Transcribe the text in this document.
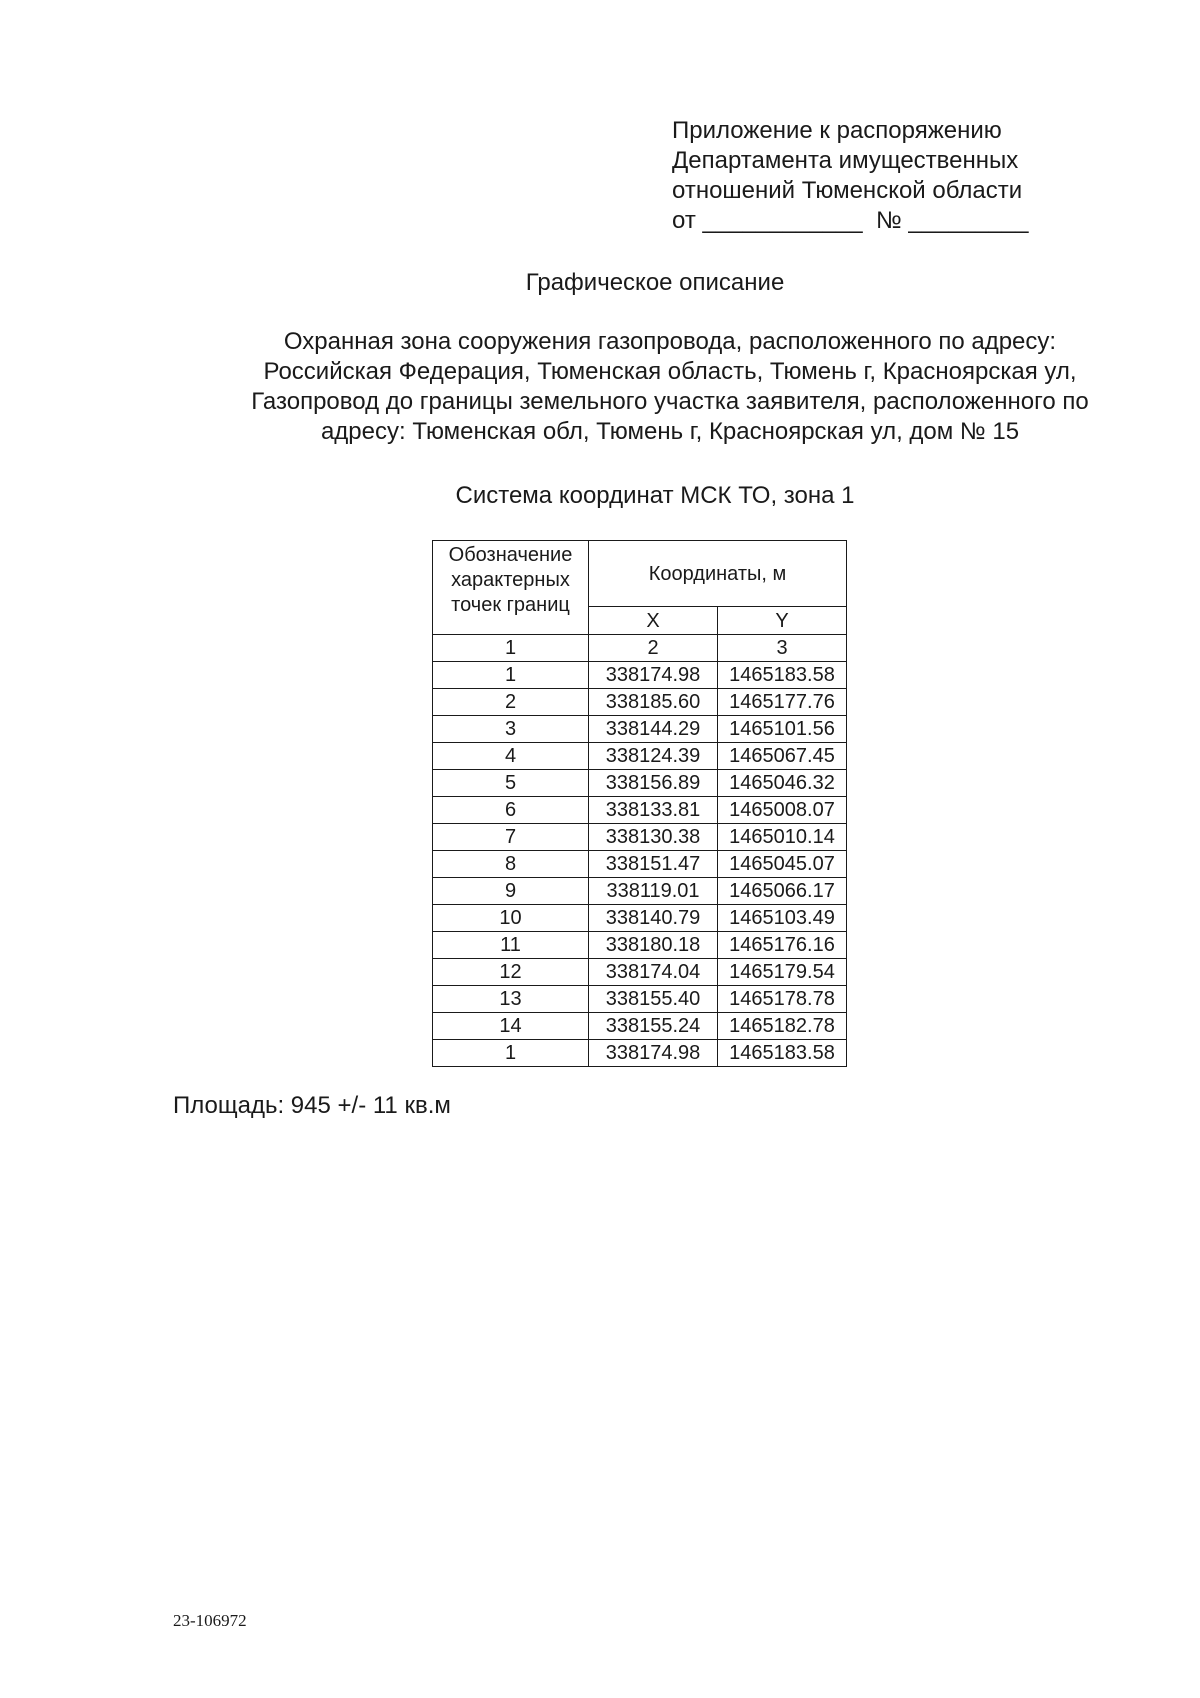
Приложение к распоряжению
Департамента имущественных
отношений Тюменской области
от ____________  № _________
Графическое описание
Охранная зона сооружения газопровода, расположенного по адресу:
Российская Федерация, Тюменская область, Тюмень г, Красноярская ул,
Газопровод до границы земельного участка заявителя, расположенного по
адресу: Тюменская обл, Тюмень г, Красноярская ул, дом № 15
Система координат МСК ТО, зона 1
Обозначение характерных точек границ	Координаты, м	
	X	Y
1	2	3
1	338174.98	1465183.58
2	338185.60	1465177.76
3	338144.29	1465101.56
4	338124.39	1465067.45
5	338156.89	1465046.32
6	338133.81	1465008.07
7	338130.38	1465010.14
8	338151.47	1465045.07
9	338119.01	1465066.17
10	338140.79	1465103.49
11	338180.18	1465176.16
12	338174.04	1465179.54
13	338155.40	1465178.78
14	338155.24	1465182.78
1	338174.98	1465183.58
Площадь: 945 +/- 11 кв.м
23-106972
